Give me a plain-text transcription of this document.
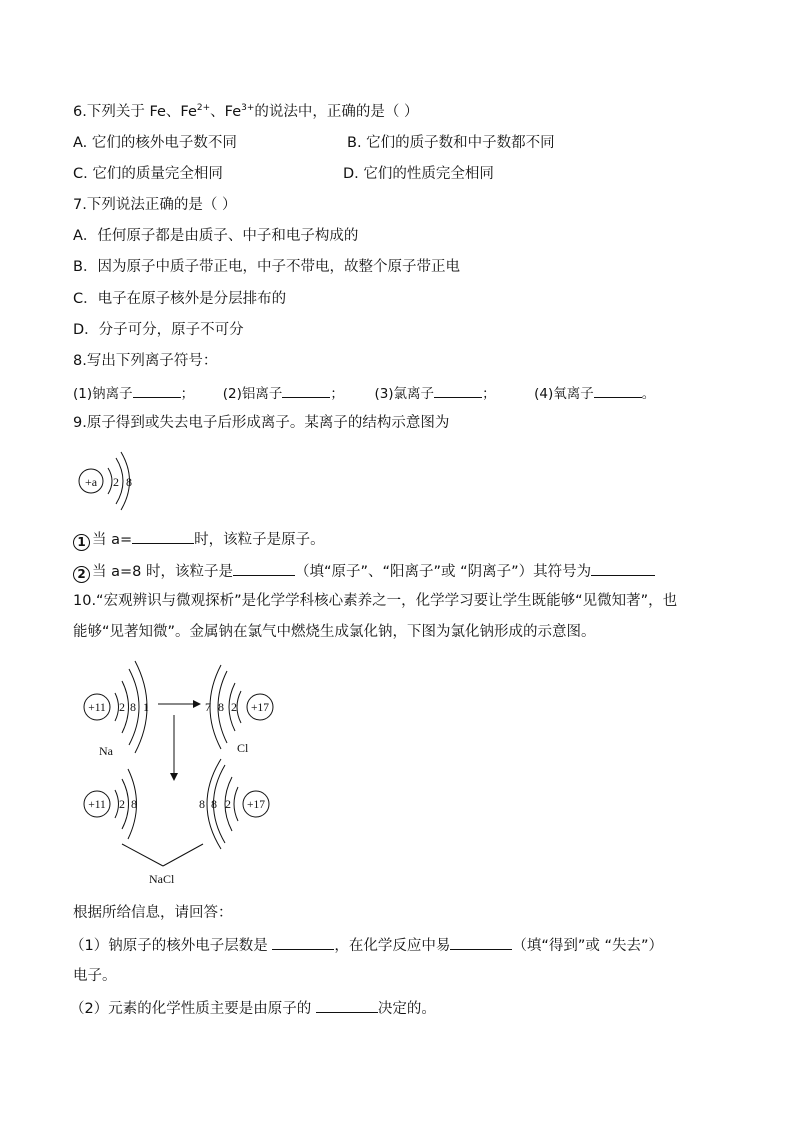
6.下列关于 Fe、$Fe^{2+}$、$Fe^{3+}$的说法中，正确的是（ ）
A. 它们的核外电子数不同	B. 它们的质子数和中子数都不同
C. 它们的质量完全相同	D. 它们的性质完全相同
7.下列说法正确的是（ ）
A．任何原子都是由质子、中子和电子构成的
B．因为原子中质子带正电，中子不带电，故整个原子带正电
C．电子在原子核外是分层排布的
D．分子可分，原子不可分
8.写出下列离子符号：
(1)钠离子	； (2)铝离子	； (3)氯离子	；	(4)氧离子	。
9.原子得到或失去电子后形成离子。某离子的结构示意图为
+a 2 8
1 当 a=	时，该粒子是原子。
2 当 a=8 时，该粒子是	（填“原子”、“阳离子”或 “阴离子”）其符号为
10.“宏观辨识与微观探析”是化学学科核心素养之一，化学学习要让学生既能够“见微知著”，也
能够“见著知微”。金属钠在氯气中燃烧生成氯化钠，下图为氯化钠形成的示意图。
+11 2 8 1
Na
7 8 2 +17
Cl
+11 2 8	8 8 2 +17
NaCl
根据所给信息，请回答：
（1）钠原子的核外电子层数是	，在化学反应中易	（填“得到”或 “失去”）
电子。
（2）元素的化学性质主要是由原子的	决定的。
